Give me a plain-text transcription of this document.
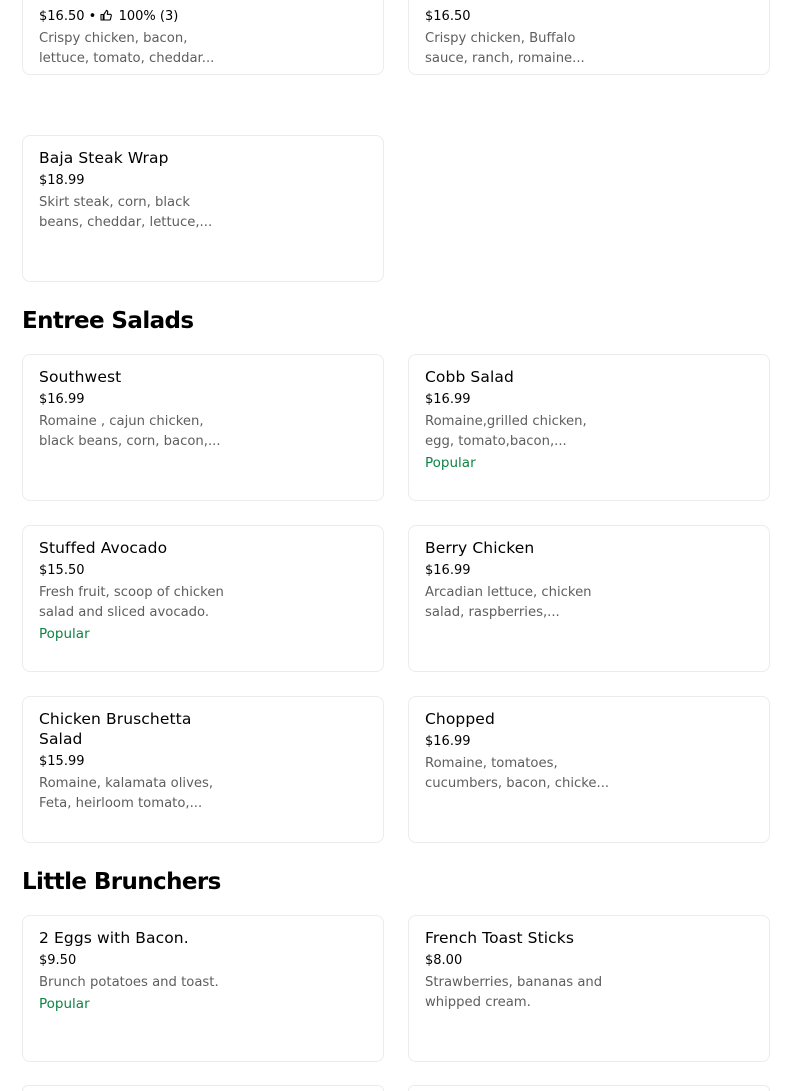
$16.50 •  100% (3)
Crispy chicken, bacon,
lettuce, tomato, cheddar...
$16.50
Crispy chicken, Buffalo
sauce, ranch, romaine...
Baja Steak Wrap
$18.99
Skirt steak, corn, black
beans, cheddar, lettuce,...
Entree Salads
Southwest
$16.99
Romaine , cajun chicken,
black beans, corn, bacon,...
Cobb Salad
$16.99
Romaine,grilled chicken,
egg, tomato,bacon,...
Popular
Stuffed Avocado
$15.50
Fresh fruit, scoop of chicken
salad and sliced avocado.
Popular
Berry Chicken
$16.99
Arcadian lettuce, chicken
salad, raspberries,...
Chicken Bruschetta
Salad
$15.99
Romaine, kalamata olives,
Feta, heirloom tomato,...
Chopped
$16.99
Romaine, tomatoes,
cucumbers, bacon, chicke...
Little Brunchers
2 Eggs with Bacon.
$9.50
Brunch potatoes and toast.
Popular
French Toast Sticks
$8.00
Strawberries, bananas and
whipped cream.
